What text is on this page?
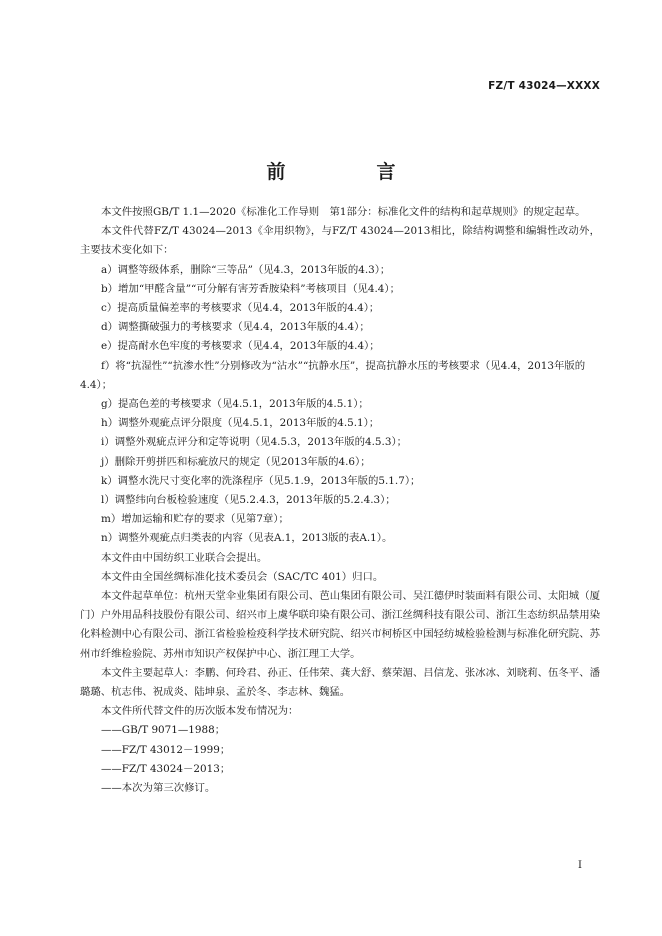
FZ/T 43024—XXXX
前　言

本文件按照GB/T 1.1—2020《标准化工作导则　第1部分：标准化文件的结构和起草规则》的规定起草。

本文件代替FZ/T 43024—2013《伞用织物》，与FZ/T 43024—2013相比，除结构调整和编辑性改动外，主要技术变化如下：

a）调整等级体系，删除“三等品”（见4.3，2013年版的4.3）；

b）增加“甲醛含量”“可分解有害芳香胺染料”考核项目（见4.4）；

c）提高质量偏差率的考核要求（见4.4，2013年版的4.4）；

d）调整撕破强力的考核要求（见4.4，2013年版的4.4）；

e）提高耐水色牢度的考核要求（见4.4，2013年版的4.4）；

f）将“抗湿性”“抗渗水性”分别修改为“沾水”“抗静水压”，提高抗静水压的考核要求（见4.4，2013年版的4.4）；

g）提高色差的考核要求（见4.5.1，2013年版的4.5.1）；

h）调整外观疵点评分限度（见4.5.1，2013年版的4.5.1）；

i）调整外观疵点评分和定等说明（见4.5.3，2013年版的4.5.3）；

j）删除开剪拼匹和标疵放尺的规定（见2013年版的4.6）；

k）调整水洗尺寸变化率的洗涤程序（见5.1.9，2013年版的5.1.7）；

l）调整纬向台板检验速度（见5.2.4.3，2013年版的5.2.4.3）；

m）增加运输和贮存的要求（见第7章）；

n）调整外观疵点归类表的内容（见表A.1，2013版的表A.1）。

本文件由中国纺织工业联合会提出。

本文件由全国丝绸标准化技术委员会（SAC/TC 401）归口。

本文件起草单位：杭州天堂伞业集团有限公司、芭山集团有限公司、吴江德伊时装面料有限公司、太阳城（厦门）户外用品科技股份有限公司、绍兴市上虞华联印染有限公司、浙江丝绸科技有限公司、浙江生态纺织品禁用染化料检测中心有限公司、浙江省检验检疫科学技术研究院、绍兴市柯桥区中国轻纺城检验检测与标准化研究院、苏州市纤维检验院、苏州市知识产权保护中心、浙江理工大学。

本文件主要起草人：李鹏、何玲君、孙正、任伟荣、龚大舒、蔡荣湄、吕信龙、张冰冰、刘晓莉、伍冬平、潘璐璐、杭志伟、祝成炎、陆坤泉、孟於冬、李志林、魏猛。

本文件所代替文件的历次版本发布情况为：

——GB/T 9071—1988；

——FZ/T 43012－1999；

——FZ/T 43024－2013；

——本次为第三次修订。

I
